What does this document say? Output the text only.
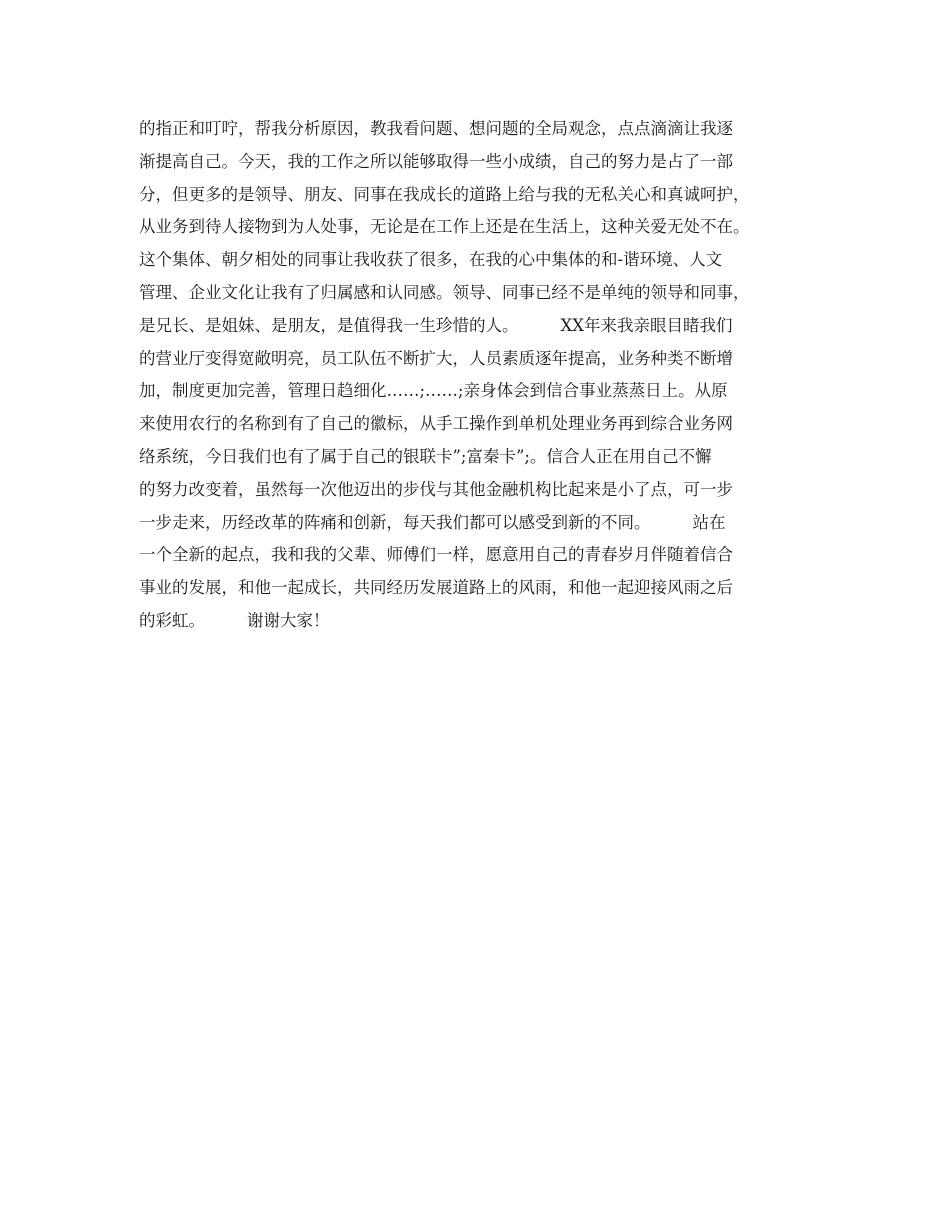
的指正和叮咛，帮我分析原因，教我看问题、想问题的全局观念，点点滴滴让我逐
渐提高自己。今天，我的工作之所以能够取得一些小成绩，自己的努力是占了一部
分，但更多的是领导、朋友、同事在我成长的道路上给与我的无私关心和真诚呵护，
从业务到待人接物到为人处事，无论是在工作上还是在生活上，这种关爱无处不在。
这个集体、朝夕相处的同事让我收获了很多，在我的心中集体的和-谐环境、人文
管理、企业文化让我有了归属感和认同感。领导、同事已经不是单纯的领导和同事，
是兄长、是姐妹、是朋友，是值得我一生珍惜的人。        XX年来我亲眼目睹我们
的营业厅变得宽敞明亮，员工队伍不断扩大，人员素质逐年提高，业务种类不断增
加，制度更加完善，管理日趋细化……;……;亲身体会到信合事业蒸蒸日上。从原
来使用农行的名称到有了自己的徽标，从手工操作到单机处理业务再到综合业务网
络系统，今日我们也有了属于自己的银联卡”;富秦卡”;。信合人正在用自己不懈
的努力改变着，虽然每一次他迈出的步伐与其他金融机构比起来是小了点，可一步
一步走来，历经改革的阵痛和创新，每天我们都可以感受到新的不同。        站在
一个全新的起点，我和我的父辈、师傅们一样，愿意用自己的青春岁月伴随着信合
事业的发展，和他一起成长，共同经历发展道路上的风雨，和他一起迎接风雨之后
的彩虹。        谢谢大家！
